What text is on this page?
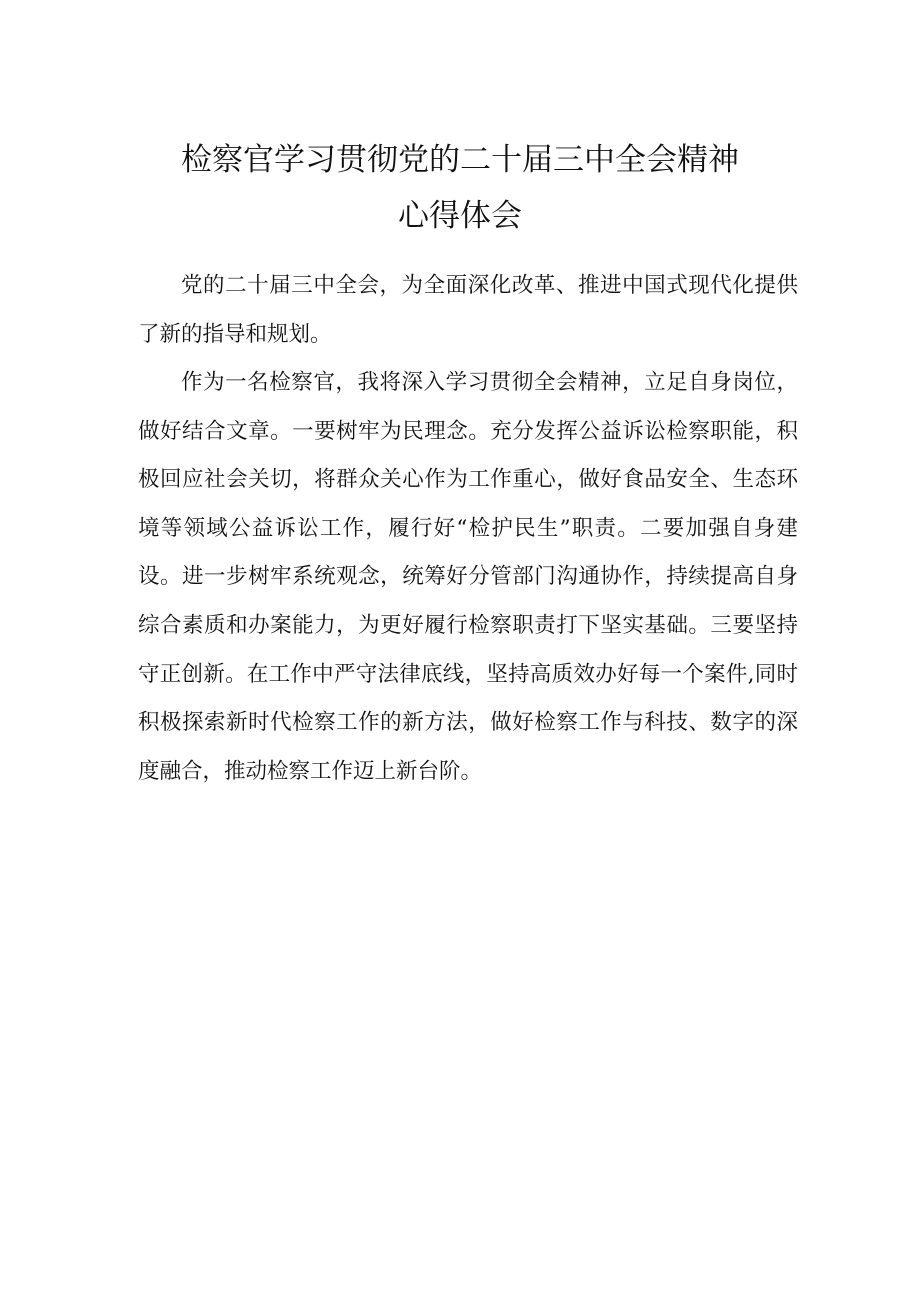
检察官学习贯彻党的二十届三中全会精神
心得体会

党的二十届三中全会，为全面深化改革、推进中国式现代化提供了新的指导和规划。

作为一名检察官，我将深入学习贯彻全会精神，立足自身岗位，做好结合文章。一要树牢为民理念。充分发挥公益诉讼检察职能，积极回应社会关切，将群众关心作为工作重心，做好食品安全、生态环境等领域公益诉讼工作，履行好“检护民生”职责。二要加强自身建设。进一步树牢系统观念，统筹好分管部门沟通协作，持续提高自身综合素质和办案能力，为更好履行检察职责打下坚实基础。三要坚持守正创新。在工作中严守法律底线，坚持高质效办好每一个案件,同时积极探索新时代检察工作的新方法，做好检察工作与科技、数字的深度融合，推动检察工作迈上新台阶。
